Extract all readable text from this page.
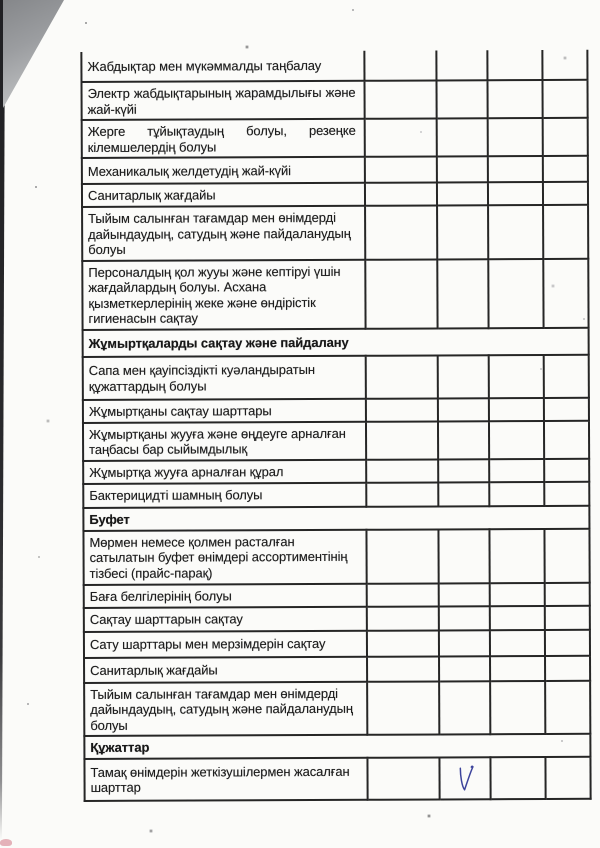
Жабдықтар мен мүкәммалды таңбалау				
Электр жабдықтарының жарамдылығы және жай-күйі				
Жерге тұйықтаудың болуы, резеңке кілемшелердің болуы				
Механикалық желдетудің жай-күйі				
Санитарлық жағдайы				
Тыйым салынған тағамдар мен өнімдерді дайындаудың, сатудың және пайдаланудың болуы				
Персоналдың қол жууы және кептіруі үшін жағдайлардың болуы. Асхана қызметкерлерінің жеке және өндірістік гигиенасын сақтау				
Жұмыртқаларды сақтау және пайдалану				
Сапа мен қауіпсіздікті куәландыратын құжаттардың болуы				
Жұмыртқаны сақтау шарттары				
Жұмыртқаны жууға және өңдеуге арналған таңбасы бар сыйымдылық				
Жұмыртқа жууға арналған құрал				
Бактерицидті шамның болуы				
Буфет				
Мөрмен немесе қолмен расталған сатылатын буфет өнімдері ассортиментінің тізбесі (прайс-парақ)				
Баға белгілерінің болуы				
Сақтау шарттарын сақтау				
Сату шарттары мен мерзімдерін сақтау				
Санитарлық жағдайы				
Тыйым салынған тағамдар мен өнімдерді дайындаудың, сатудың және пайдаланудың болуы				
Құжаттар				
Тамақ өнімдерін жеткізушілермен жасалған шарттар				
